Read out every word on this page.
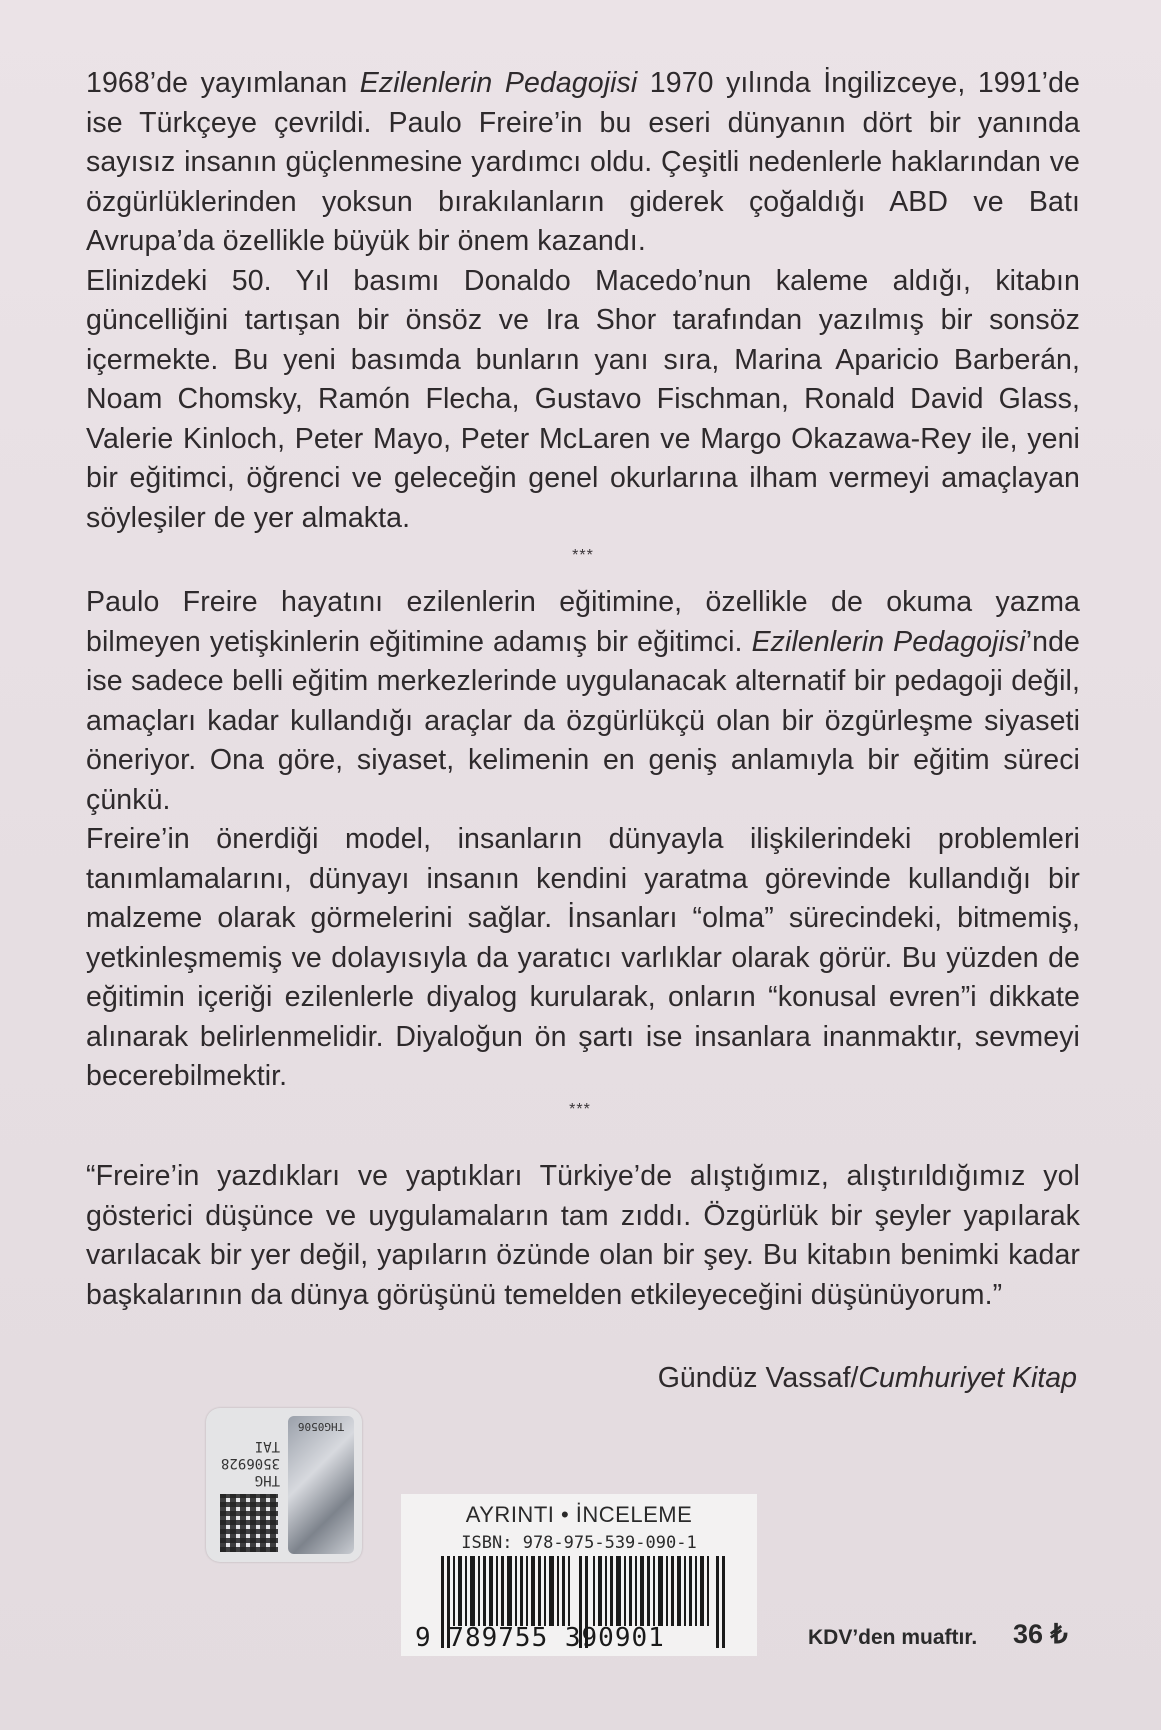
1968’de yayımlanan Ezilenlerin Pedagojisi 1970 yılında İngilizceye, 1991’de ise Türkçeye çevrildi. Paulo Freire’in bu eseri dünyanın dört bir yanında sayısız insanın güçlenmesine yardımcı oldu. Çeşitli nedenlerle haklarından ve özgürlüklerinden yoksun bırakılanların giderek çoğaldığı ABD ve Batı Avrupa’da özellikle büyük bir önem kazandı.

Elinizdeki 50. Yıl basımı Donaldo Macedo’nun kaleme aldığı, kitabın güncelliğini tartışan bir önsöz ve Ira Shor tarafından yazılmış bir sonsöz içermekte. Bu yeni basımda bunların yanı sıra, Marina Aparicio Barberán, Noam Chomsky, Ramón Flecha, Gustavo Fischman, Ronald David Glass, Valerie Kinloch, Peter Mayo, Peter McLaren ve Margo Okazawa-Rey ile, yeni bir eğitimci, öğrenci ve geleceğin genel okurlarına ilham vermeyi amaçlayan söyleşiler de yer almakta.

***

Paulo Freire hayatını ezilenlerin eğitimine, özellikle de okuma yazma bilmeyen yetişkinlerin eğitimine adamış bir eğitimci. Ezilenlerin Pedagojisi’nde ise sadece belli eğitim merkezlerinde uygulanacak alternatif bir pedagoji değil, amaçları kadar kullandığı araçlar da özgürlükçü olan bir özgürleşme siyaseti öneriyor. Ona göre, siyaset, kelimenin en geniş anlamıyla bir eğitim süreci çünkü.

Freire’in önerdiği model, insanların dünyayla ilişkilerindeki problemleri tanımlamalarını, dünyayı insanın kendini yaratma görevinde kullandığı bir malzeme olarak görmelerini sağlar. İnsanları “olma” sürecindeki, bitmemiş, yetkinleşmemiş ve dolayısıyla da yaratıcı varlıklar olarak görür. Bu yüzden de eğitimin içeriği ezilenlerle diyalog kurularak, onların “konusal evren”i dikkate alınarak belirlenmelidir. Diyaloğun ön şartı ise insanlara inanmaktır, sevmeyi becerebilmektir.

***

“Freire’in yazdıkları ve yaptıkları Türkiye’de alıştığımız, alıştırıldığımız yol gösterici düşünce ve uygulamaların tam zıddı. Özgürlük bir şeyler yapılarak varılacak bir yer değil, yapıların özünde olan bir şey. Bu kitabın benimki kadar başkalarının da dünya görüşünü temelden etkileyeceğini düşünüyorum.”

Gündüz Vassaf/Cumhuriyet Kitap
THG
3506928
TAI
THG0506
AYRINTI • İNCELEME
ISBN: 978-975-539-090-1
9 789755 390901	KDV’den muaftır. 36 ₺
